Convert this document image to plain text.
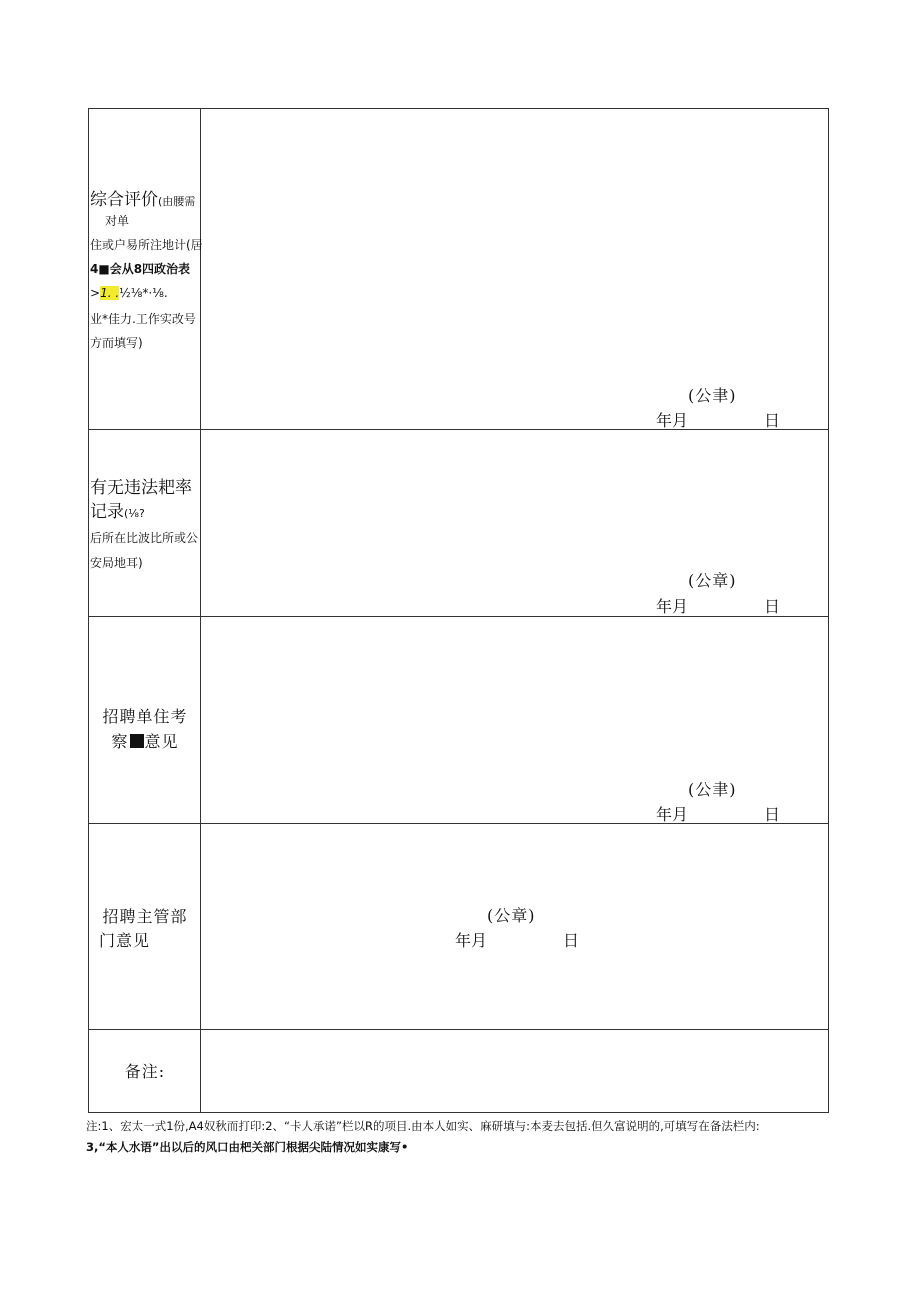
综合评价(由腰需
对单
住或户易所注地计(居
4■会从8四政治表
>1. .½⅛*·⅛.
业*佳力.工作实改号
方而填写)
(公聿)
年月	日
有无违法耙率
记录(⅛?
后所在比波比所或公
安局地耳)
(公章)
年月	日
招聘单住考
察 意见
(公聿)
年月	日
招聘主管部
门意见
(公章)
年月	日
备注:
注:1、宏太一式1份,A4奴秋而打印:2、“卡人承诺”栏以R的项目.由本人如实、麻研填与:本麦去包括.但久富说明的,可填写在备法栏内:
3,“本人水语”出以后的风口由杷关部门根据尖陆情况如实康写•
